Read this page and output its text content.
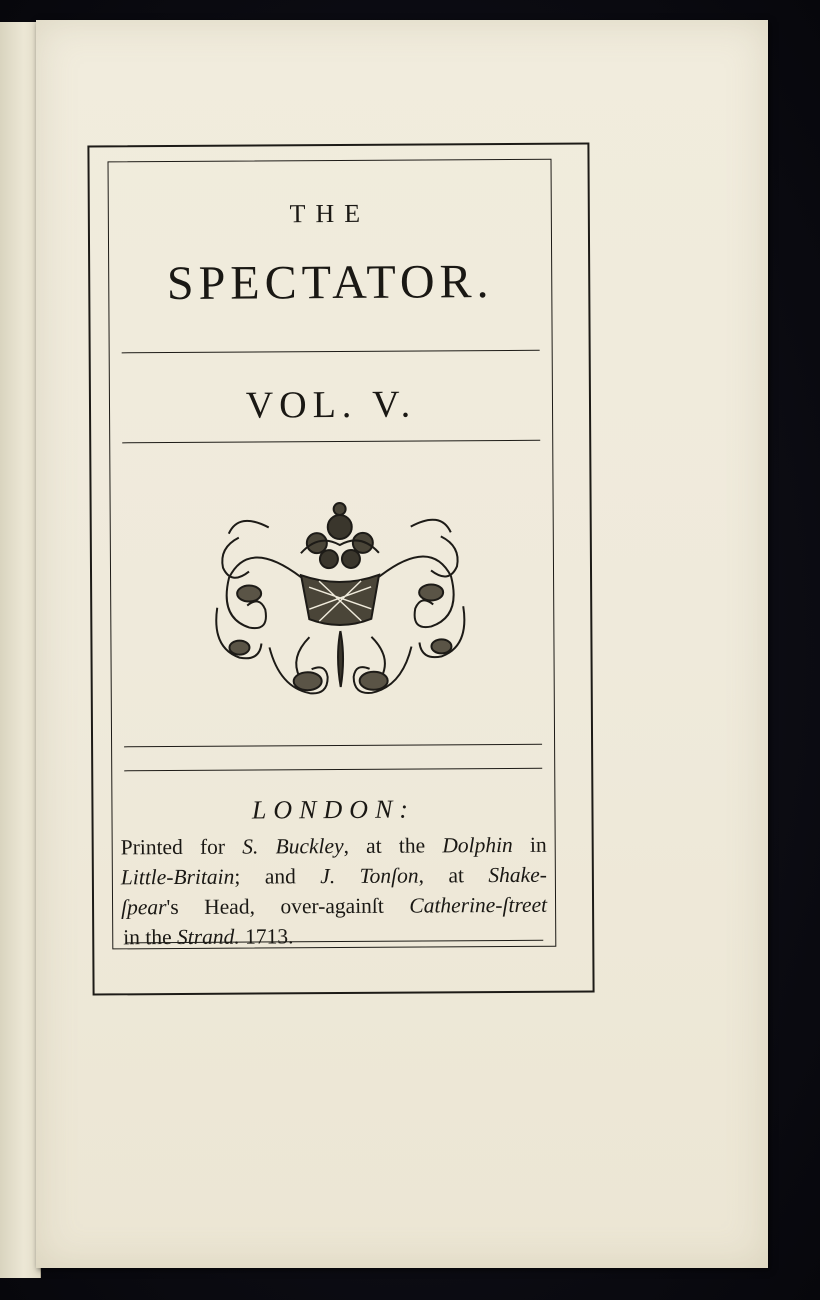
THE
SPECTATOR.
VOL. V.
LONDON:
Printed for S. Buckley, at the Dolphin in
Little-Britain; and J. Tonſon, at Shake-
ſpear's Head, over-againſt Catherine-ſtreet
in the Strand. 1713.
